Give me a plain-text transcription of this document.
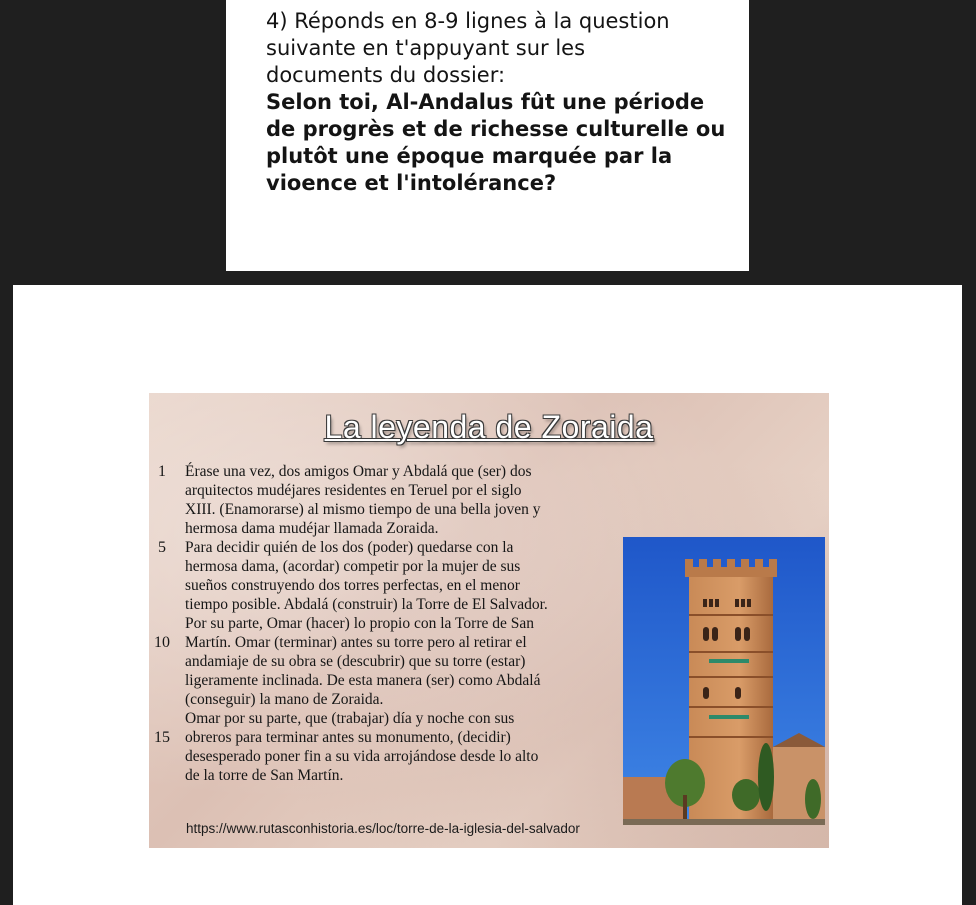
4) Réponds en 8-9 lignes à la question
suivante en t'appuyant sur les
documents du dossier:
Selon toi, Al-Andalus fût une période
de progrès et de richesse culturelle ou
plutôt une époque marquée par la
vioence et l'intolérance?
La leyenda de Zoraida
1
5
10
15
Érase una vez, dos amigos Omar y Abdalá que (ser) dos
arquitectos mudéjares residentes en Teruel por el siglo
XIII. (Enamorarse) al mismo tiempo de una bella joven y
hermosa dama mudéjar llamada Zoraida.
Para decidir quién de los dos (poder) quedarse con la
hermosa dama, (acordar) competir por la mujer de sus
sueños construyendo dos torres perfectas, en el menor
tiempo posible. Abdalá (construir) la Torre de El Salvador.
Por su parte, Omar (hacer) lo propio con la Torre de San
Martín. Omar (terminar) antes su torre pero al retirar el
andamiaje de su obra se (descubrir) que su torre (estar)
ligeramente inclinada. De esta manera (ser) como Abdalá
(conseguir) la mano de Zoraida.
Omar por su parte, que (trabajar) día y noche con sus
obreros para terminar antes su monumento, (decidir)
desesperado poner fin a su vida arrojándose desde lo alto
de la torre de San Martín.
https://www.rutasconhistoria.es/loc/torre-de-la-iglesia-del-salvador
